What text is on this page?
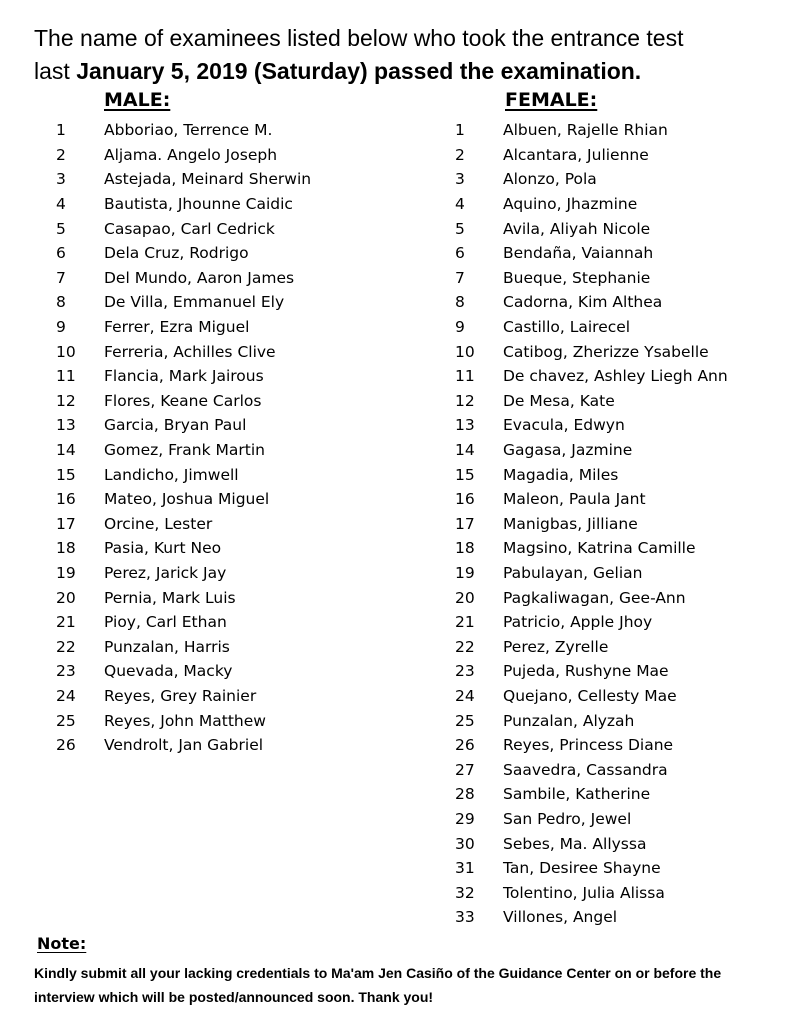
The name of examinees listed below who took the entrance test
last January 5, 2019 (Saturday) passed the examination.
MALE:	FEMALE:
1	Abboriao, Terrence M.
2	Aljama. Angelo Joseph
3	Astejada, Meinard Sherwin
4	Bautista, Jhounne Caidic
5	Casapao, Carl Cedrick
6	Dela Cruz, Rodrigo
7	Del Mundo, Aaron James
8	De Villa, Emmanuel Ely
9	Ferrer, Ezra Miguel
10	Ferreria, Achilles Clive
11	Flancia, Mark Jairous
12	Flores, Keane Carlos
13	Garcia, Bryan Paul
14	Gomez, Frank Martin
15	Landicho, Jimwell
16	Mateo, Joshua Miguel
17	Orcine, Lester
18	Pasia, Kurt Neo
19	Perez, Jarick Jay
20	Pernia, Mark Luis
21	Pioy, Carl Ethan
22	Punzalan, Harris
23	Quevada, Macky
24	Reyes, Grey Rainier
25	Reyes, John Matthew
26	Vendrolt, Jan Gabriel
1	Albuen, Rajelle Rhian
2	Alcantara, Julienne
3	Alonzo, Pola
4	Aquino, Jhazmine
5	Avila, Aliyah Nicole
6	Bendaña, Vaiannah
7	Bueque, Stephanie
8	Cadorna, Kim Althea
9	Castillo, Lairecel
10	Catibog, Zherizze Ysabelle
11	De chavez, Ashley Liegh Ann
12	De Mesa, Kate
13	Evacula, Edwyn
14	Gagasa, Jazmine
15	Magadia, Miles
16	Maleon, Paula Jant
17	Manigbas, Jilliane
18	Magsino, Katrina Camille
19	Pabulayan, Gelian
20	Pagkaliwagan, Gee-Ann
21	Patricio, Apple Jhoy
22	Perez, Zyrelle
23	Pujeda, Rushyne Mae
24	Quejano, Cellesty Mae
25	Punzalan, Alyzah
26	Reyes, Princess Diane
27	Saavedra, Cassandra
28	Sambile, Katherine
29	San Pedro, Jewel
30	Sebes, Ma. Allyssa
31	Tan, Desiree Shayne
32	Tolentino, Julia Alissa
33	Villones, Angel
Note:
Kindly submit all your lacking credentials to Ma'am Jen Casiño of the Guidance Center on or before the interview which will be posted/announced soon. Thank you!
